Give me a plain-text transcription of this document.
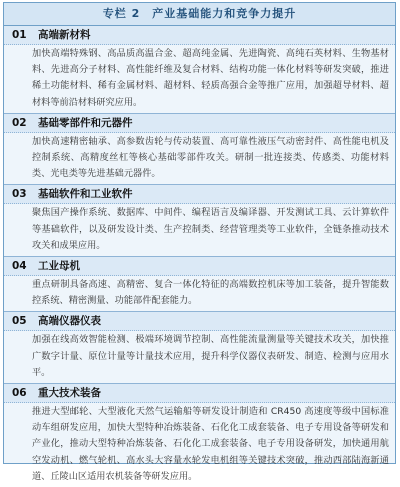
专栏 2　产业基础能力和竞争力提升
01 高端新材料
加快高端特殊钢、高品质高温合金、超高纯金属、先进陶瓷、高纯石英材料、生物基材料、先进高分子材料、高性能纤维及复合材料、结构功能一体化材料等研发突破，推进稀土功能材料、稀有金属材料、超材料、轻质高强合金等推广应用，加强超导材料、超材料等前沿材料研究应用。
02 基础零部件和元器件
加快高速精密轴承、高参数齿轮与传动装置、高可靠性液压气动密封件、高性能电机及控制系统、高精度丝杠等核心基础零部件攻关。研制一批连接类、传感类、功能材料类、光电类等先进基础元器件。
03 基础软件和工业软件
聚焦国产操作系统、数据库、中间件、编程语言及编译器、开发测试工具、云计算软件等基础软件，以及研发设计类、生产控制类、经营管理类等工业软件，全链条推动技术攻关和成果应用。
04 工业母机
重点研制具备高速、高精密、复合一体化特征的高端数控机床等加工装备，提升智能数控系统、精密测量、功能部件配套能力。
05 高端仪器仪表
加强在线高效智能检测、极端环境调节控制、高性能流量测量等关键技术攻关，加快推广数字计量、原位计量等计量技术应用，提升科学仪器仪表研发、制造、检测与应用水平。
06 重大技术装备
推进大型邮轮、大型液化天然气运输船等研发设计制造和 CR450 高速度等级中国标准动车组研发应用，加快大型特种冶炼装备、石化化工成套装备、电子专用设备等研发和产业化，推动大型特种冶炼装备、石化化工成套装备、电子专用设备研发，加快通用航空发动机、燃气轮机、高水头大容量水轮发电机组等关键技术突破，推动西部陆海新通道、丘陵山区适用农机装备等研发应用。
